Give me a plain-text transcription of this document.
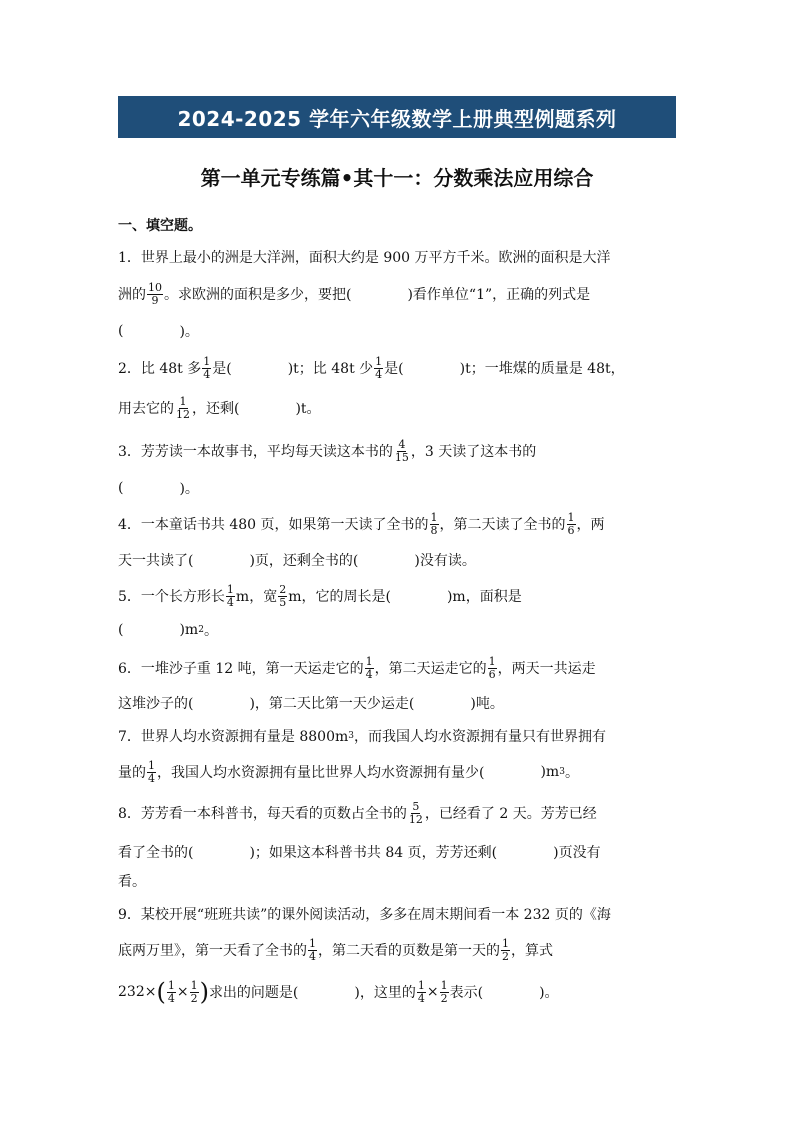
2024-2025 学年六年级数学上册典型例题系列
第一单元专练篇•其十一：分数乘法应用综合
一、填空题。
1．世界上最小的洲是大洋洲，面积大约是 900 万平方千米。欧洲的面积是大洋
洲的 $\frac{10}{9}$ 。求欧洲的面积是多少，要把(	)看作单位“1”，正确的列式是
(	)。
2．比 48t 多 $\frac{1}{4}$ 是(	)t；比 48t 少 $\frac{1}{4}$ 是(	)t；一堆煤的质量是 48t，
用去它的 $\frac{1}{12}$ ，还剩(	)t。
3．芳芳读一本故事书，平均每天读这本书的 $\frac{4}{15}$ ，3 天读了这本书的
(	)。
4．一本童话书共 480 页，如果第一天读了全书的 $\frac{1}{8}$ ，第二天读了全书的 $\frac{1}{6}$ ，两
天一共读了(	)页，还剩全书的(	)没有读。
5．一个长方形长 $\frac{1}{4}$ m，宽 $\frac{2}{5}$ m，它的周长是(	)m，面积是
(	)m 2 。
6．一堆沙子重 12 吨，第一天运走它的 $\frac{1}{4}$ ，第二天运走它的 $\frac{1}{6}$ ，两天一共运走
这堆沙子的(	)，第二天比第一天少运走(	)吨。
7．世界人均水资源拥有量是 8800m 3 ，而我国人均水资源拥有量只有世界拥有
量的 $\frac{1}{4}$ ，我国人均水资源拥有量比世界人均水资源拥有量少(	)m 3 。
8．芳芳看一本科普书，每天看的页数占全书的 $\frac{5}{12}$ ，已经看了 2 天。芳芳已经
看了全书的(	)；如果这本科普书共 84 页，芳芳还剩(	)页没有
看。
9．某校开展“班班共读”的课外阅读活动，多多在周末期间看一本 232 页的《海
底两万里》，第一天看了全书的 $\frac{1}{4}$ ，第二天看的页数是第一天的 $\frac{1}{2}$ ，算式
232× ( $\frac{1}{4} \times \frac{1}{2}$ ) 求出的问题是(	)，这里的 $\frac{1}{4} \times \frac{1}{2}$ 表示(	)。
